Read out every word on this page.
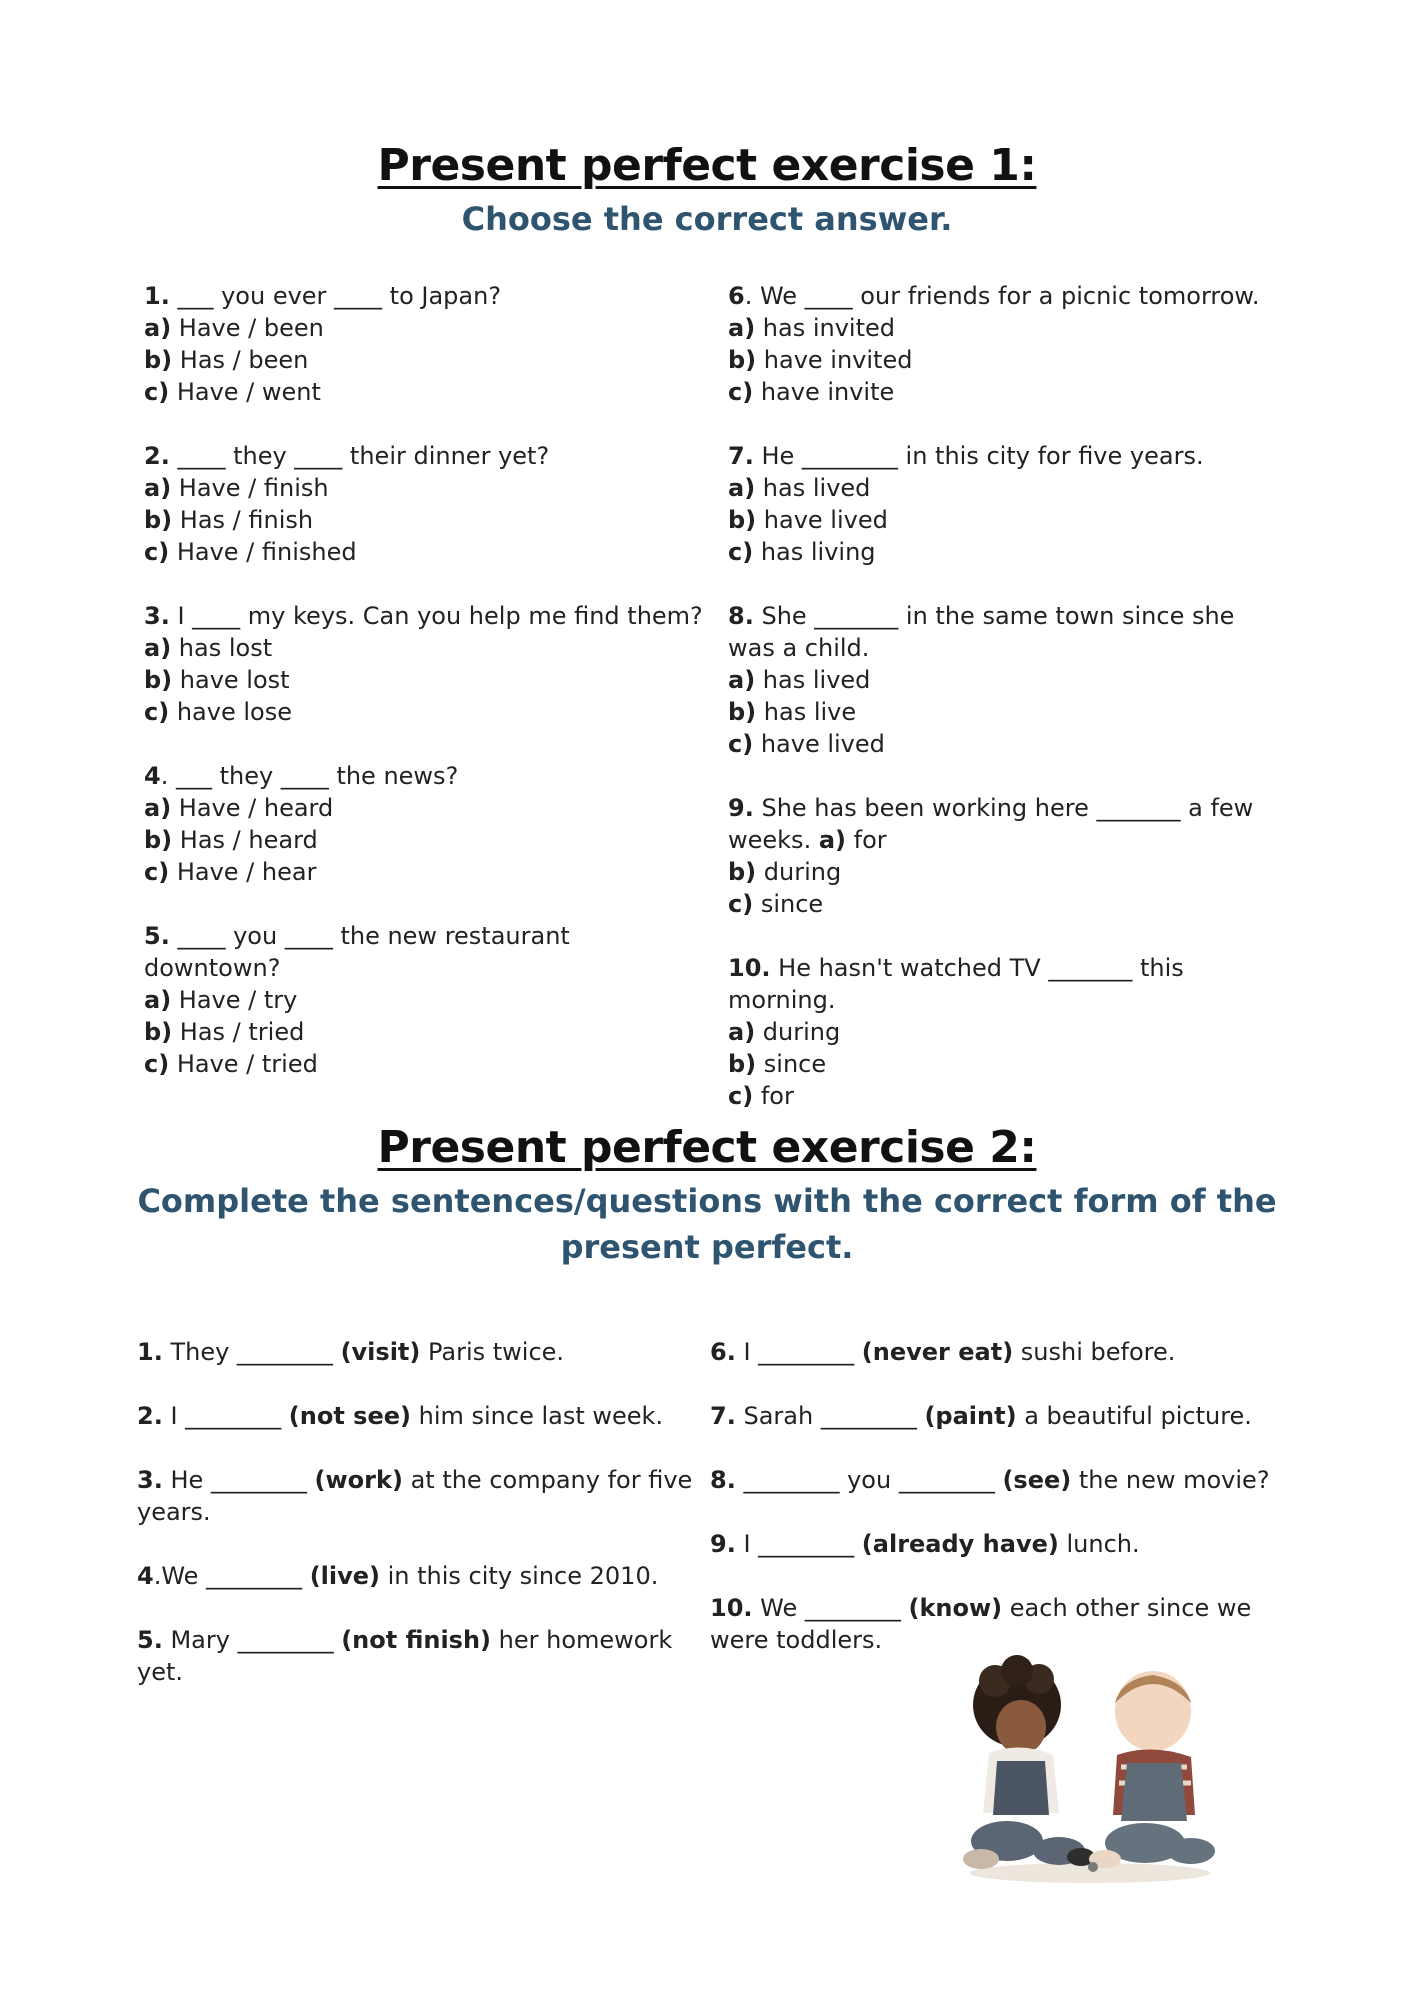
Present perfect exercise 1:
Choose the correct answer.

1. ___ you ever ____ to Japan?

a) Have / been

b) Has / been

c) Have / went

2. ____ they ____ their dinner yet?

a) Have / finish

b) Has / finish

c) Have / finished

3. I ____ my keys. Can you help me find them?

a) has lost

b) have lost

c) have lose

4. ___ they ____ the news?

a) Have / heard

b) Has / heard

c) Have / hear

5. ____ you ____ the new restaurant downtown?

a) Have / try

b) Has / tried

c) Have / tried

6. We ____ our friends for a picnic tomorrow.

a) has invited

b) have invited

c) have invite

7. He ________ in this city for five years.

a) has lived

b) have lived

c) has living

8. She _______ in the same town since she was a child.

a) has lived

b) has live

c) have lived

9. She has been working here _______ a few weeks. a) for

b) during

c) since

10. He hasn't watched TV _______ this morning.

a) during

b) since

c) for

Present perfect exercise 2:
Complete the sentences/questions with the correct form of the
present perfect.

1. They ________ (visit) Paris twice.

2. I ________ (not see) him since last week.

3. He ________ (work) at the company for five years.

4.We ________ (live) in this city since 2010.

5. Mary ________ (not finish) her homework yet.

6. I ________ (never eat) sushi before.

7. Sarah ________ (paint) a beautiful picture.

8. ________ you ________ (see) the new movie?

9. I ________ (already have) lunch.

10. We ________ (know) each other since we were toddlers.
